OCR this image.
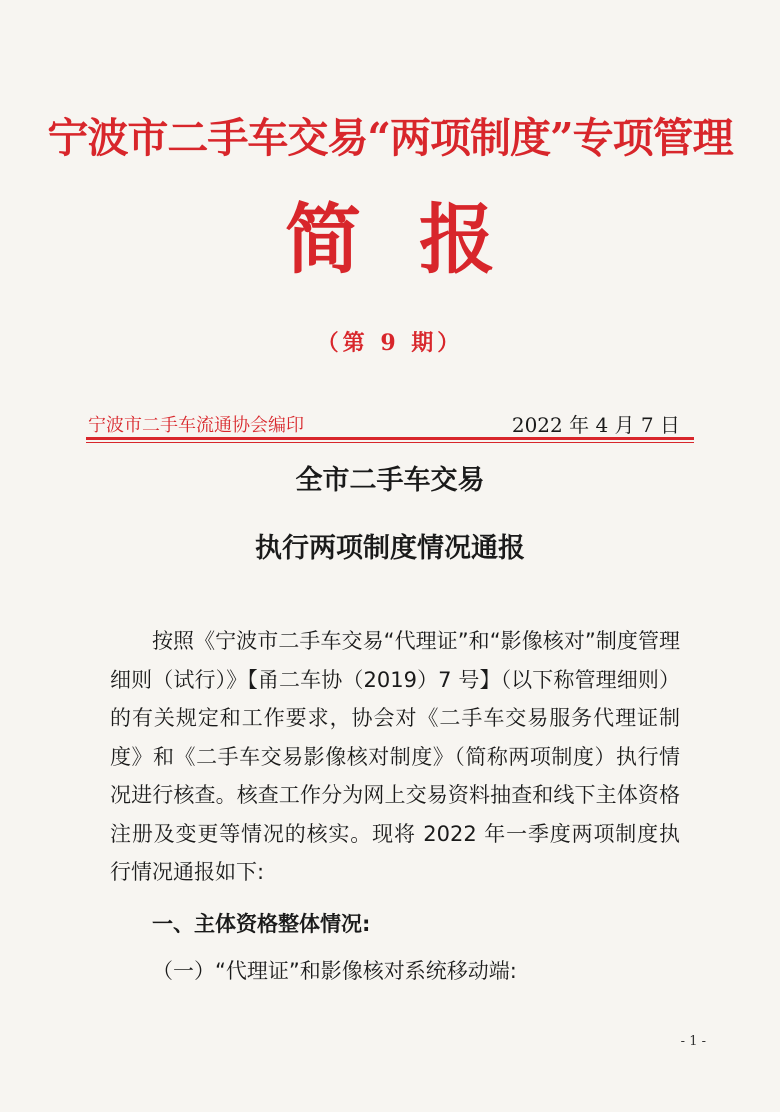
宁波市二手车交易“两项制度”专项管理
简报
（第 9 期）
宁波市二手车流通协会编印	2022 年 4 月 7 日
全市二手车交易
执行两项制度情况通报

按照《宁波市二手车交易“代理证”和“影像核对”制度管理细则（试行）》【甬二车协（2019）7 号】（以下称管理细则）的有关规定和工作要求，协会对《二手车交易服务代理证制度》和《二手车交易影像核对制度》（简称两项制度）执行情况进行核查。核查工作分为网上交易资料抽查和线下主体资格注册及变更等情况的核实。现将 2022 年一季度两项制度执行情况通报如下:

一、主体资格整体情况:
（一）“代理证”和影像核对系统移动端:
- 1 -
